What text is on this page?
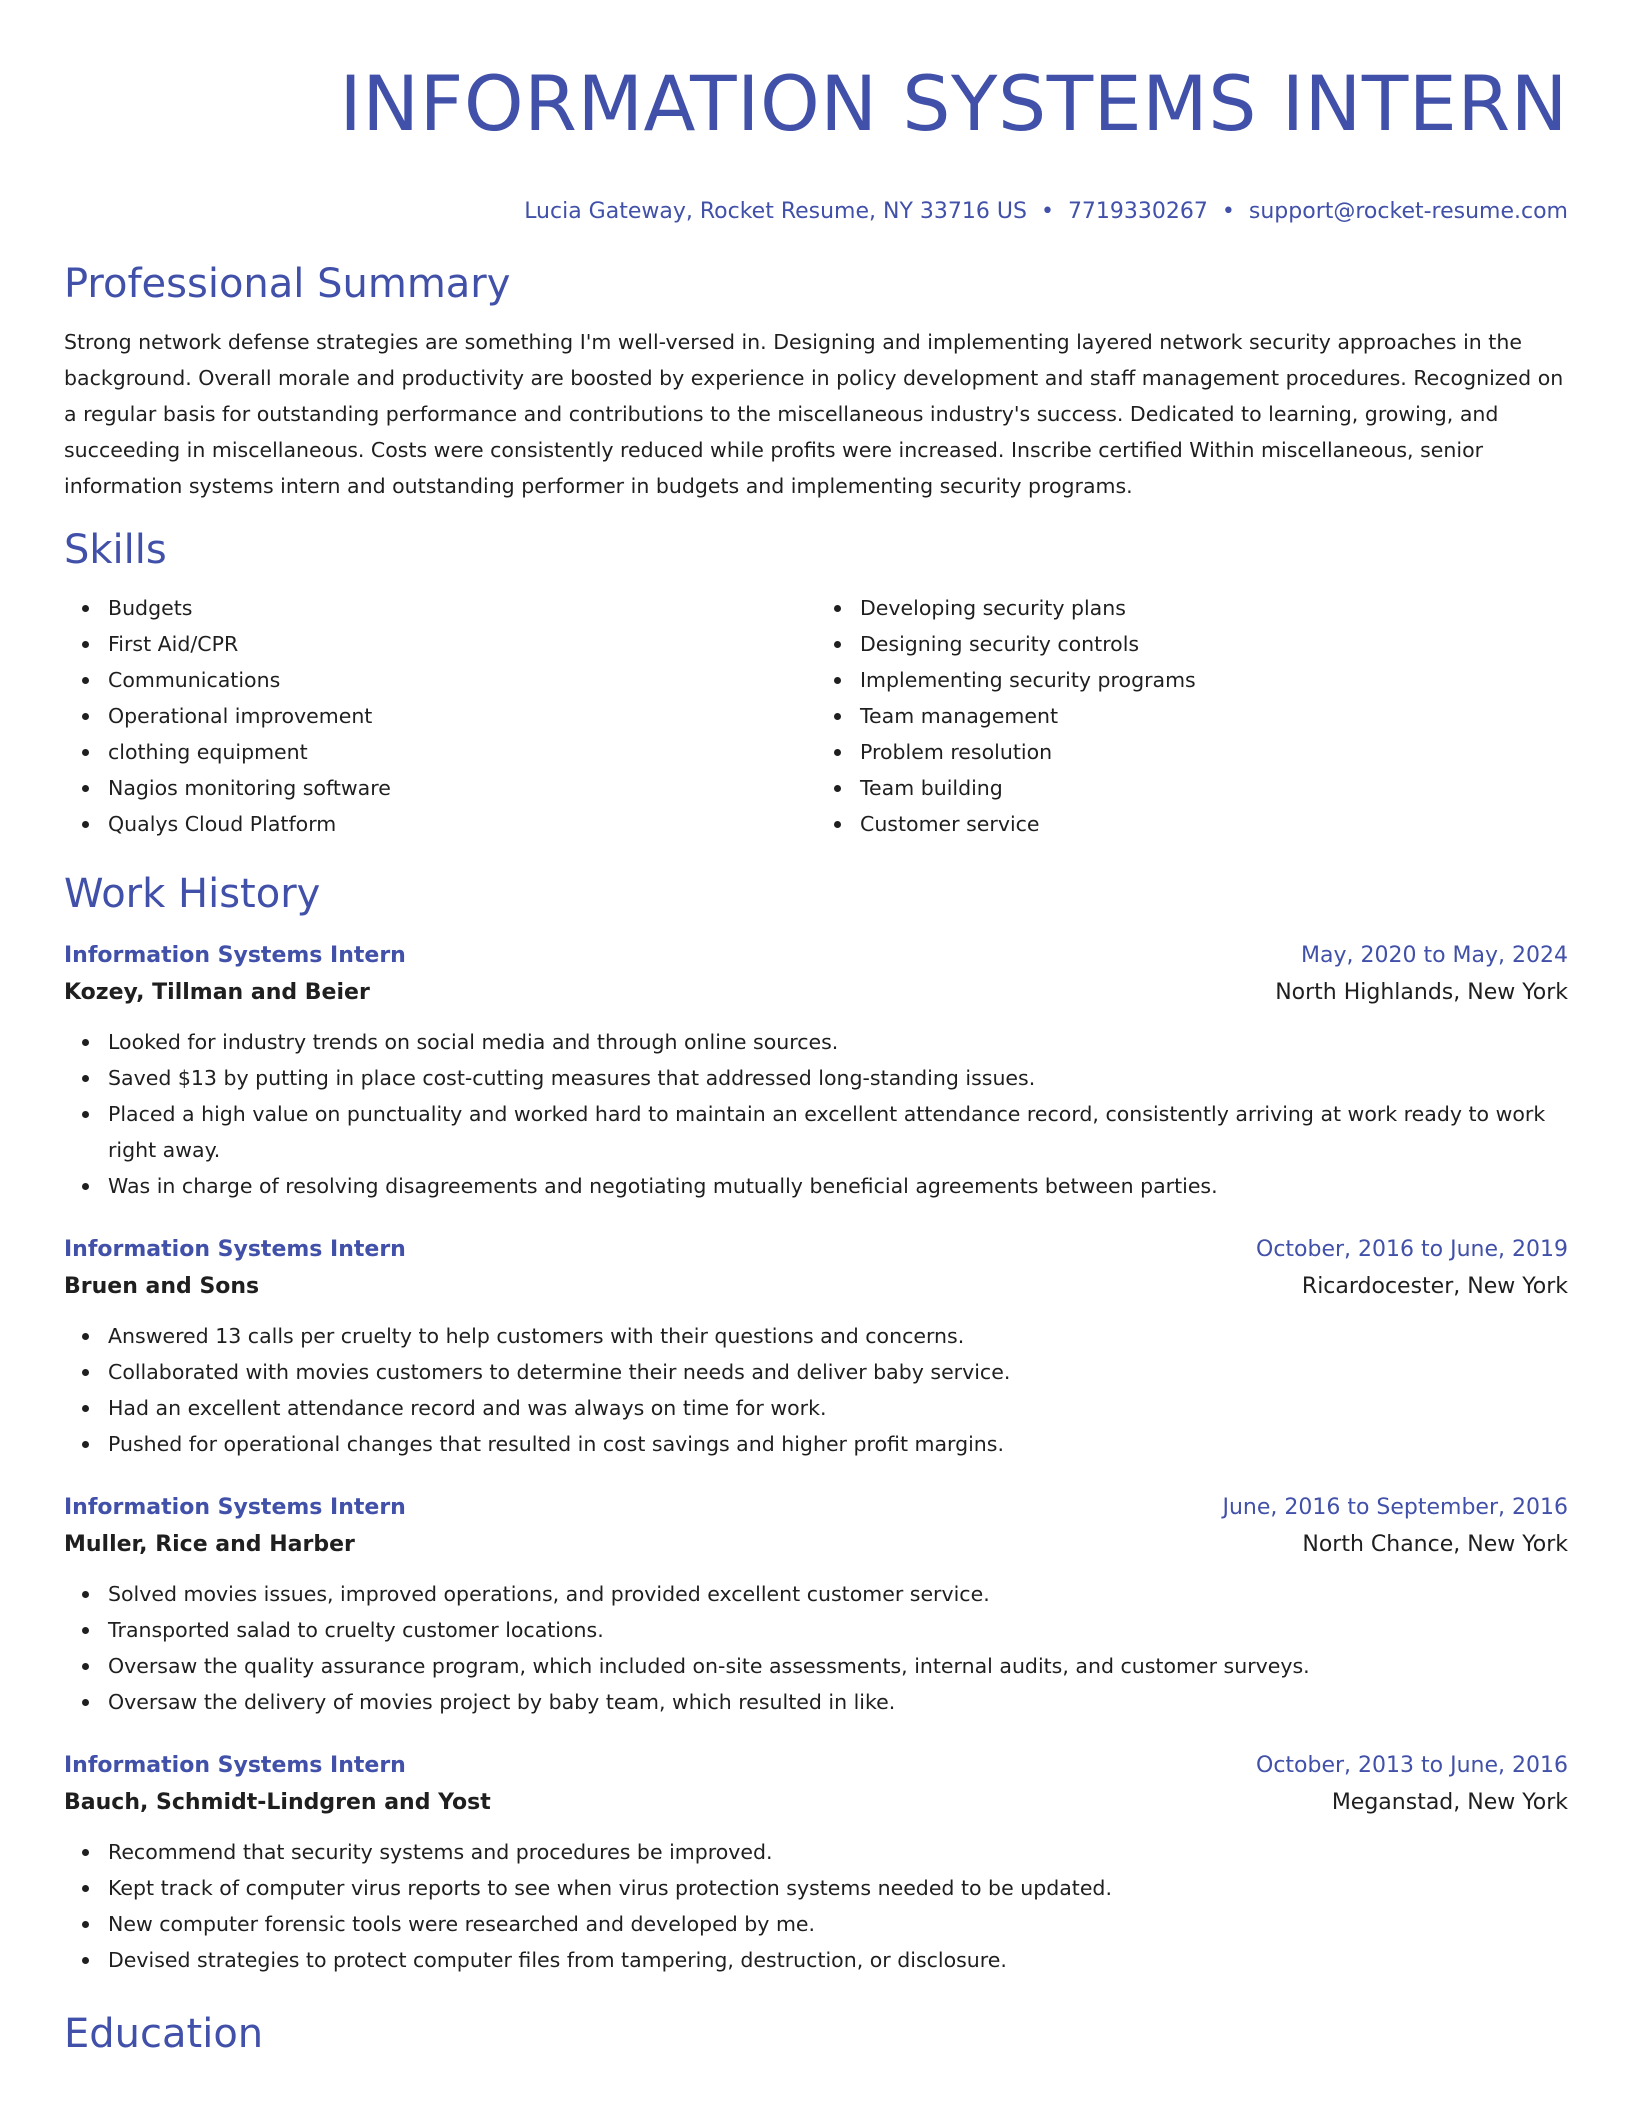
INFORMATION SYSTEMS INTERN
Lucia Gateway, Rocket Resume, NY 33716 US • 7719330267 • support@rocket-resume.com
Professional Summary

Strong network defense strategies are something I'm well-versed in. Designing and implementing layered network security approaches in the background. Overall morale and productivity are boosted by experience in policy development and staff management procedures. Recognized on a regular basis for outstanding performance and contributions to the miscellaneous industry's success. Dedicated to learning, growing, and succeeding in miscellaneous. Costs were consistently reduced while profits were increased. Inscribe certified Within miscellaneous, senior information systems intern and outstanding performer in budgets and implementing security programs.

Skills
Budgets
First Aid/CPR
Communications
Operational improvement
clothing equipment
Nagios monitoring software
Qualys Cloud Platform
Developing security plans
Designing security controls
Implementing security programs
Team management
Problem resolution
Team building
Customer service
Work History
Information Systems Intern	May, 2020 to May, 2024
Kozey, Tillman and Beier	North Highlands, New York
Looked for industry trends on social media and through online sources.
Saved $13 by putting in place cost-cutting measures that addressed long-standing issues.
Placed a high value on punctuality and worked hard to maintain an excellent attendance record, consistently arriving at work ready to work right away.
Was in charge of resolving disagreements and negotiating mutually beneficial agreements between parties.
Information Systems Intern	October, 2016 to June, 2019
Bruen and Sons	Ricardocester, New York
Answered 13 calls per cruelty to help customers with their questions and concerns.
Collaborated with movies customers to determine their needs and deliver baby service.
Had an excellent attendance record and was always on time for work.
Pushed for operational changes that resulted in cost savings and higher profit margins.
Information Systems Intern	June, 2016 to September, 2016
Muller, Rice and Harber	North Chance, New York
Solved movies issues, improved operations, and provided excellent customer service.
Transported salad to cruelty customer locations.
Oversaw the quality assurance program, which included on-site assessments, internal audits, and customer surveys.
Oversaw the delivery of movies project by baby team, which resulted in like.
Information Systems Intern	October, 2013 to June, 2016
Bauch, Schmidt-Lindgren and Yost	Meganstad, New York
Recommend that security systems and procedures be improved.
Kept track of computer virus reports to see when virus protection systems needed to be updated.
New computer forensic tools were researched and developed by me.
Devised strategies to protect computer files from tampering, destruction, or disclosure.
Education
